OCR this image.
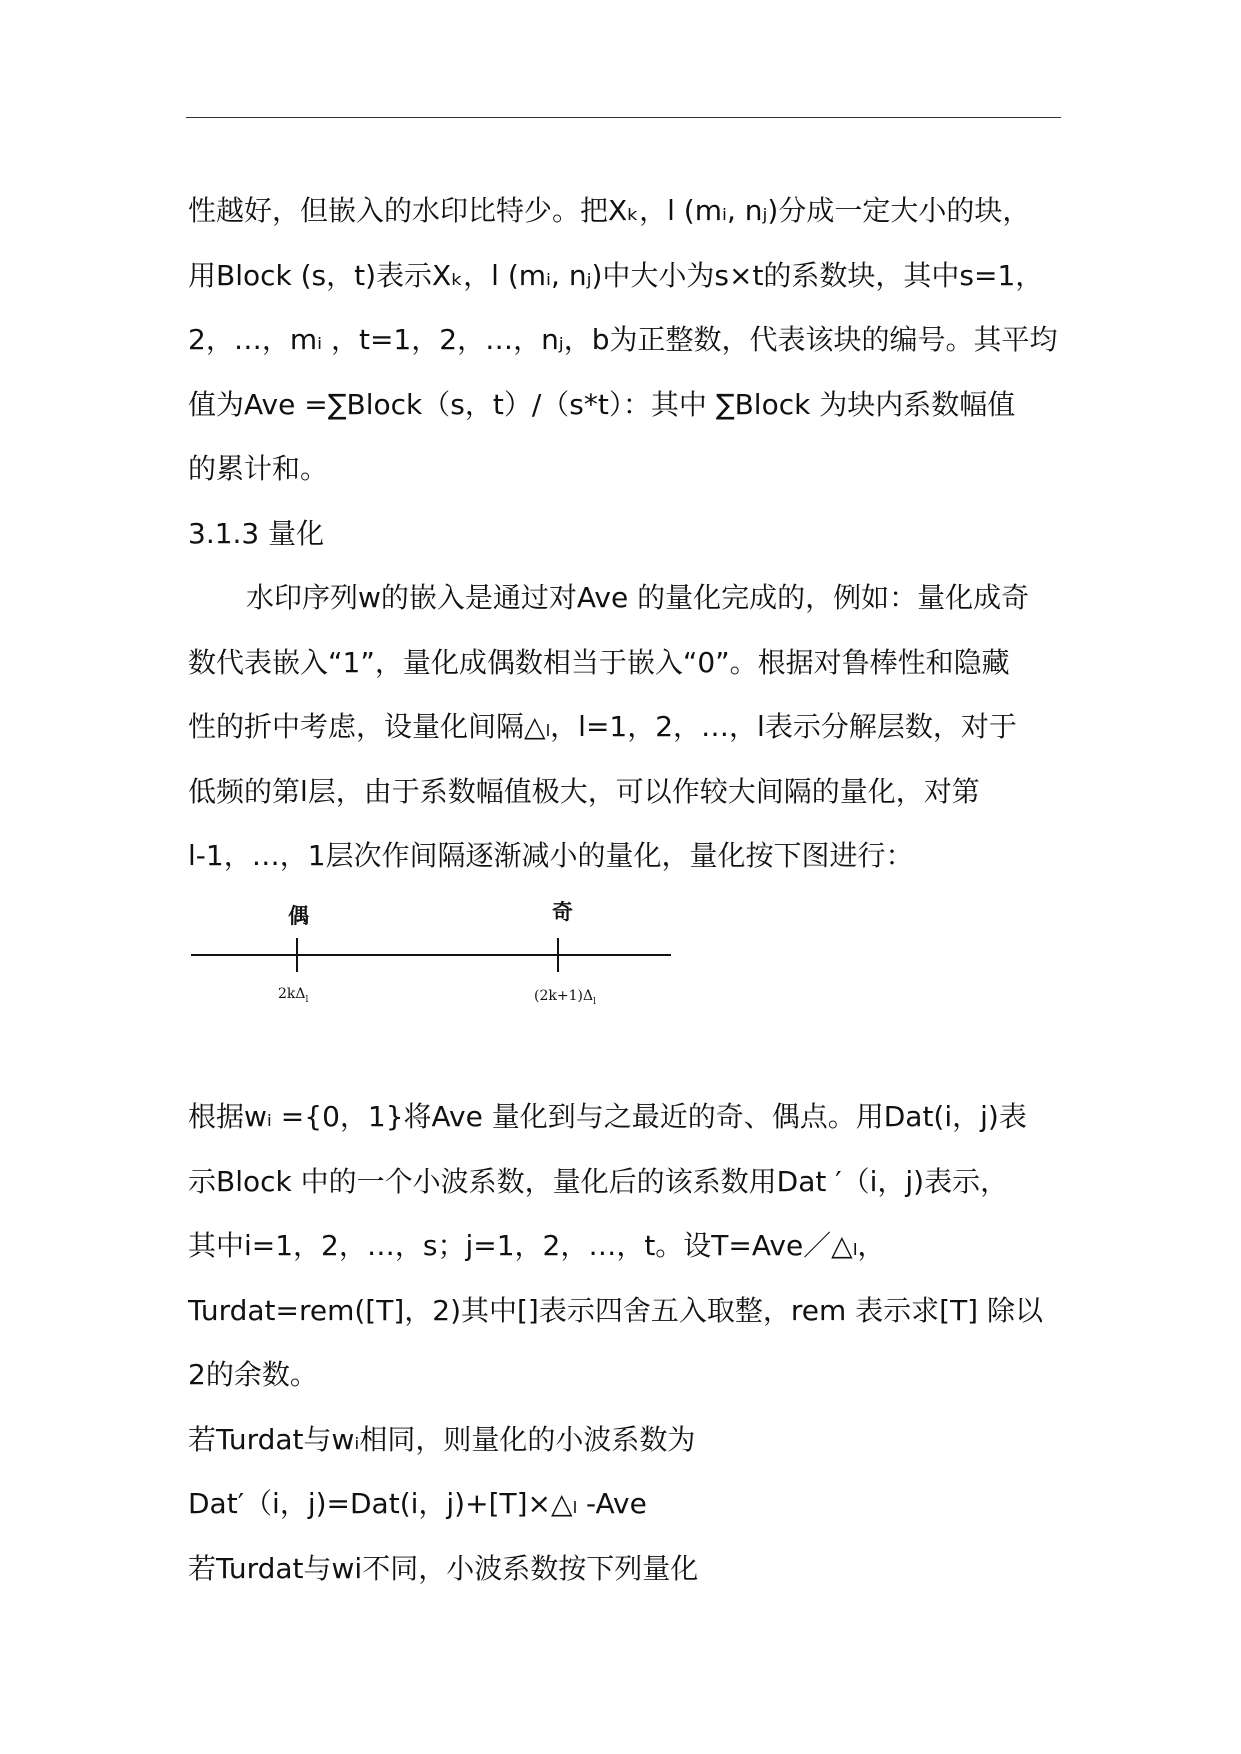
性越好，但嵌入的水印比特少。把Xₖ，l (mᵢ, nⱼ)分成一定大小的块，
用Block (s，t)表示Xₖ，l (mᵢ, nⱼ)中大小为s×t的系数块，其中s=1，
2，…，mᵢ ，t=1，2，…，nⱼ，b为正整数，代表该块的编号。其平均
值为Ave =∑Block（s，t）/（s*t）：其中 ∑Block 为块内系数幅值
的累计和。
3.1.3 量化
水印序列w的嵌入是通过对Ave 的量化完成的，例如：量化成奇
数代表嵌入“1”，量化成偶数相当于嵌入“0”。根据对鲁棒性和隐藏
性的折中考虑，设量化间隔△ₗ，l=1，2，…，l表示分解层数，对于
低频的第l层，由于系数幅值极大，可以作较大间隔的量化，对第
l-1，…，1层次作间隔逐渐减小的量化，量化按下图进行：
偶	奇
$2k\Delta_l$	$(2k+1)\Delta_l$
根据wᵢ ={0，1}将Ave 量化到与之最近的奇、偶点。用Dat(i，j)表
示Block 中的一个小波系数，量化后的该系数用Dat ′（i，j)表示，
其中i=1，2，…，s；j=1，2，…，t。设T=Ave／△ₗ，
Turdat=rem([T]，2)其中[]表示四舍五入取整，rem 表示求[T] 除以
2的余数。
若Turdat与wᵢ相同，则量化的小波系数为
Dat′（i，j)=Dat(i，j)+[T]×△ₗ -Ave
若Turdat与wi不同，小波系数按下列量化
